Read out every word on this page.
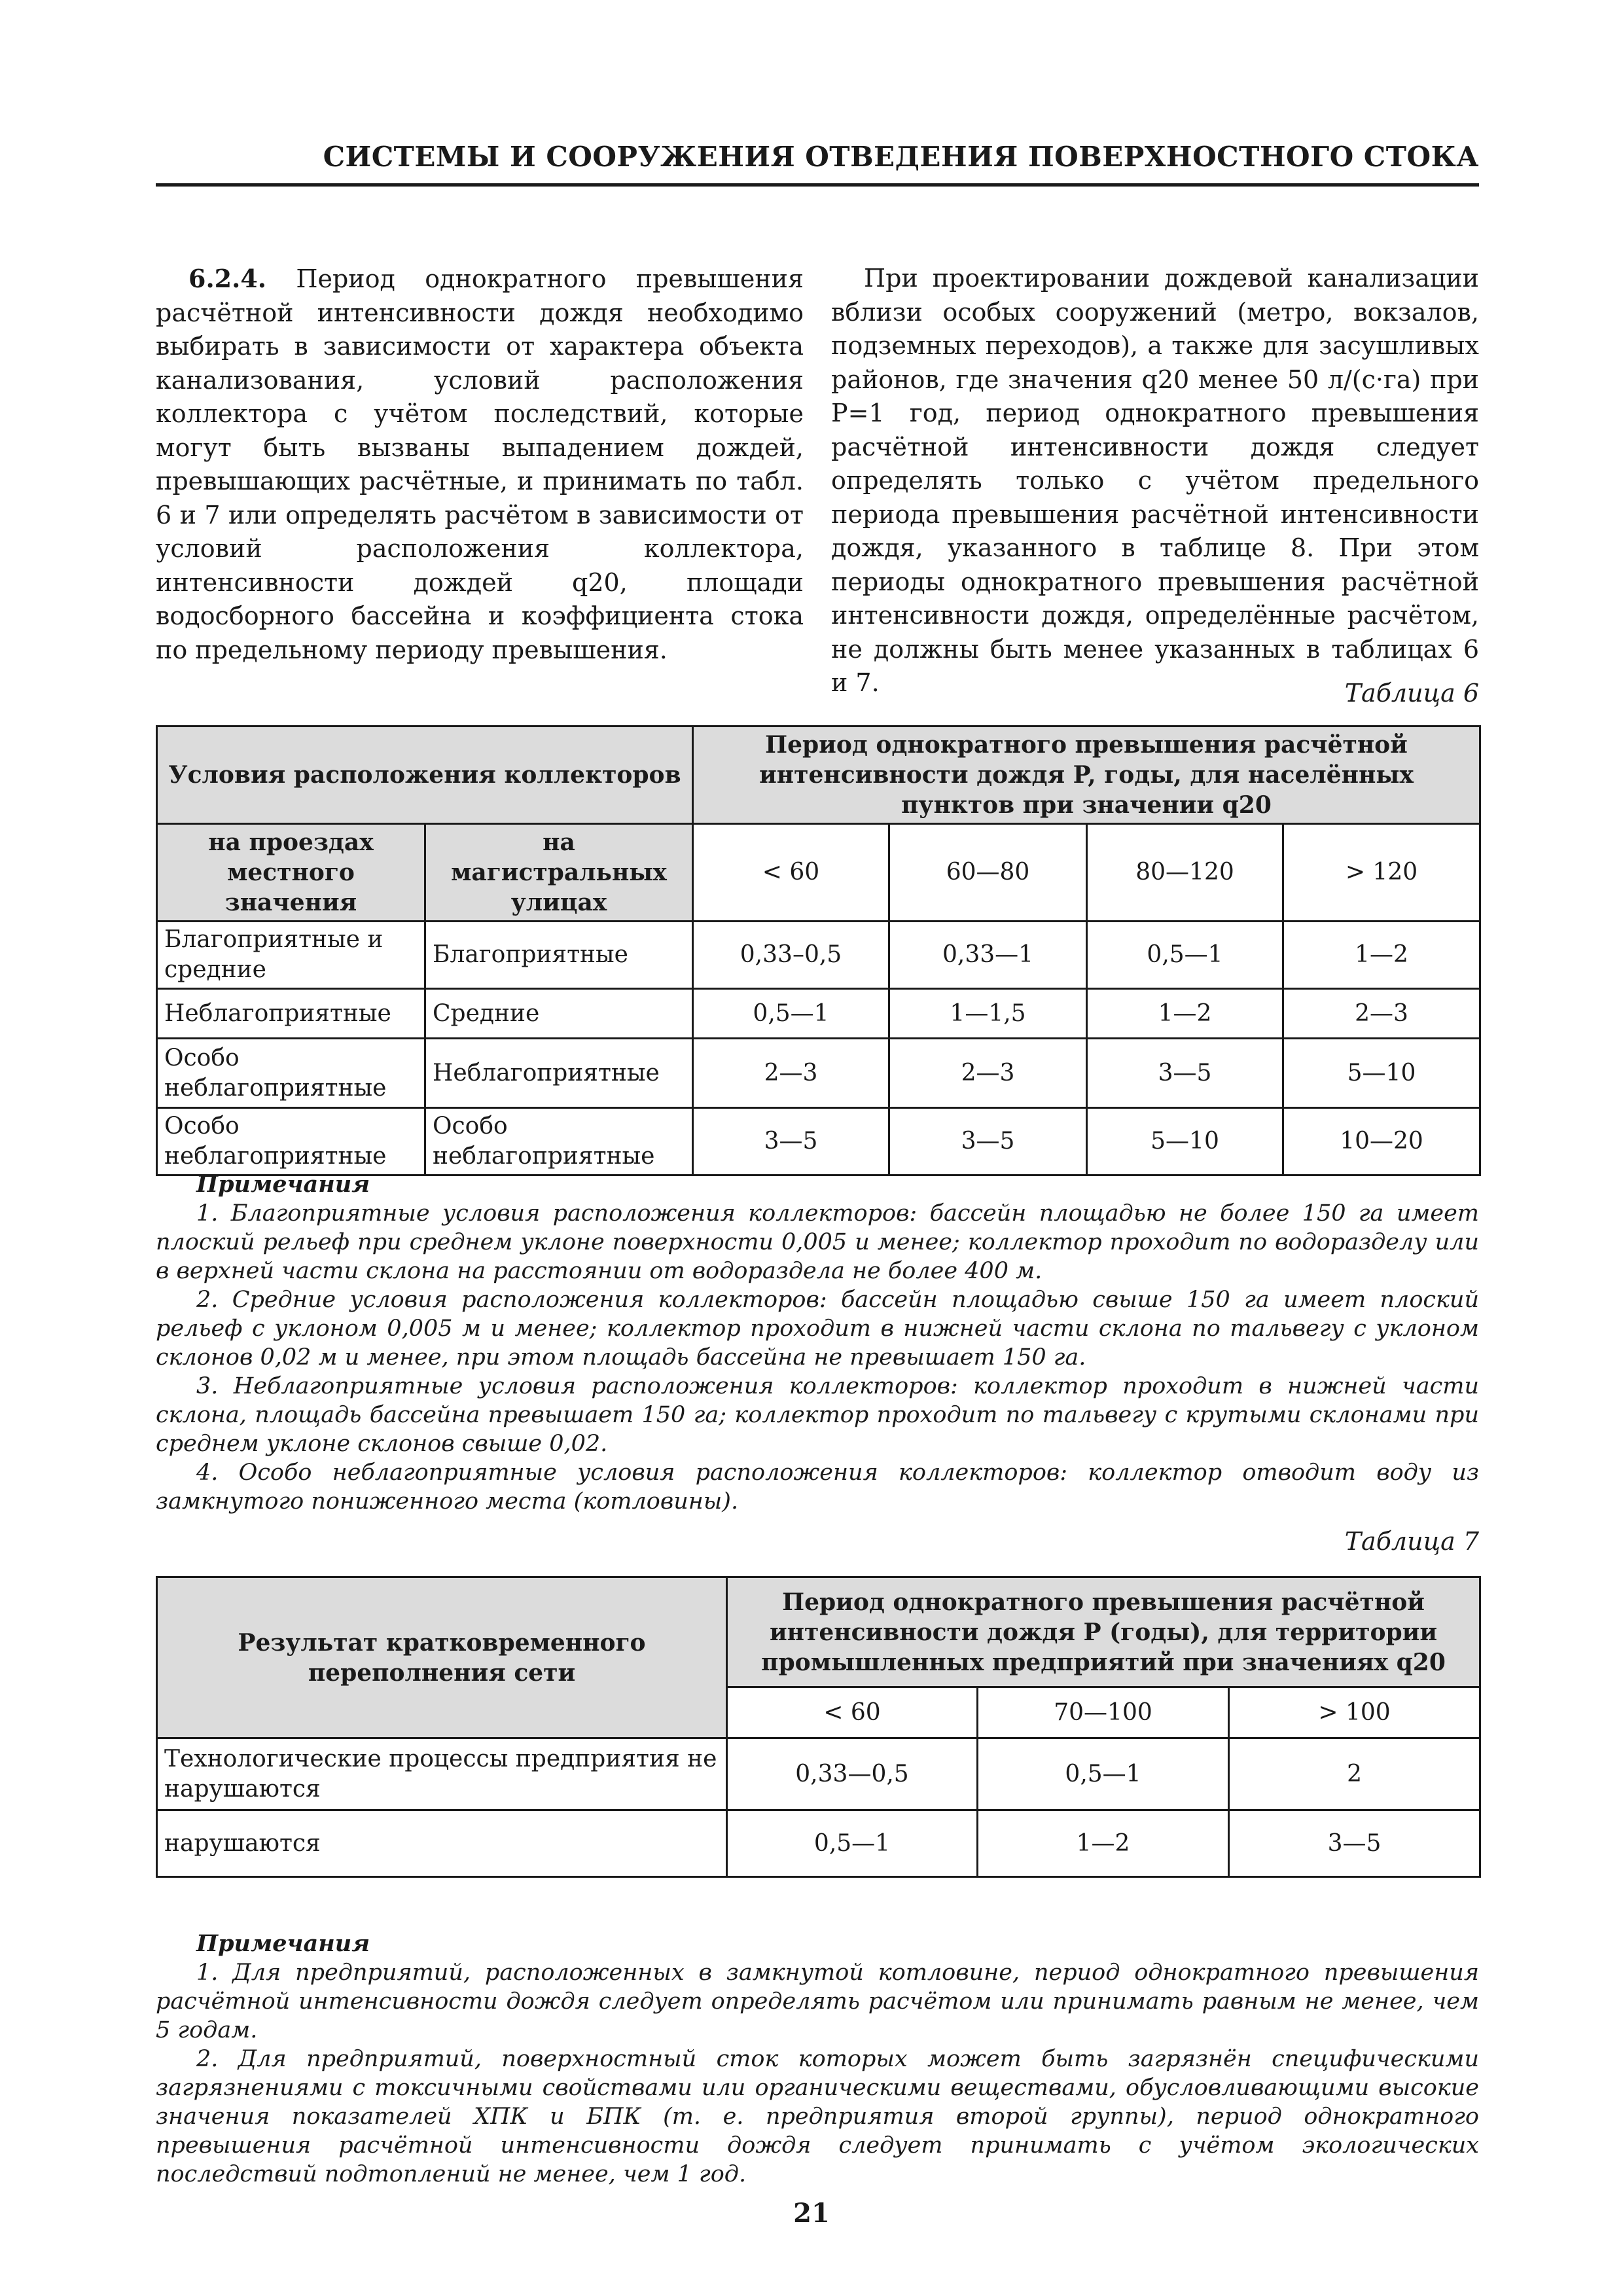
СИСТЕМЫ И СООРУЖЕНИЯ ОТВЕДЕНИЯ ПОВЕРХНОСТНОГО СТОКА

6.2.4. Период однократного превышения расчётной интенсивности дождя необходимо выбирать в зависимости от характера объекта канализования, условий расположения коллектора с учётом последствий, которые могут быть вызваны выпадением дождей, превышающих расчётные, и принимать по табл. 6 и 7 или определять расчётом в зависимости от условий расположения коллектора, интенсивности дождей q20, площади водосборного бассейна и коэффициента стока по предельному периоду превышения.

При проектировании дождевой канализации вблизи особых сооружений (метро, вокзалов, подземных переходов), а также для засушливых районов, где значения q20 менее 50 л/(с·га) при P=1 год, период однократного превышения расчётной интенсивности дождя следует определять только с учётом предельного периода превышения расчётной интенсивности дождя, указанного в таблице 8. При этом периоды однократного превышения расчётной интенсивности дождя, определённые расчётом, не должны быть менее указанных в таблицах 6 и 7.	Таблица 6
Условия расположения коллекторов		Период однократного превышения расчётной интенсивности дождя P, годы, для населённых пунктов при значении q20			
на проездах местного значения	на магистральных улицах	< 60	60—80	80—120	> 120
Благоприятные и средние	Благоприятные	0,33–0,5	0,33—1	0,5—1	1—2
Неблагоприятные	Средние	0,5—1	1—1,5	1—2	2—3
Особо неблагоприятные	Неблагоприятные	2—3	2—3	3—5	5—10
Особо неблагоприятные	Особо неблагоприятные	3—5	3—5	5—10	10—20
Примечания

1. Благоприятные условия расположения коллекторов: бассейн площадью не более 150 га имеет плоский рельеф при среднем уклоне поверхности 0,005 и менее; коллектор проходит по водоразделу или в верхней части склона на расстоянии от водораздела не более 400 м.

2. Средние условия расположения коллекторов: бассейн площадью свыше 150 га имеет плоский рельеф с уклоном 0,005 м и менее; коллектор проходит в нижней части склона по тальвегу с уклоном склонов 0,02 м и менее, при этом площадь бассейна не превышает 150 га.

3. Неблагоприятные условия расположения коллекторов: коллектор проходит в нижней части склона, площадь бассейна превышает 150 га; коллектор проходит по тальвегу с крутыми склонами при среднем уклоне склонов свыше 0,02.

4. Особо неблагоприятные условия расположения коллекторов: коллектор отводит воду из замкнутого пониженного места (котловины).

Таблица 7
Результат кратковременного переполнения сети	Период однократного превышения расчётной интенсивности дождя P (годы), для территории промышленных предприятий при значениях q20		
	< 60	70—100	> 100
Технологические процессы предприятия не нарушаются	0,33—0,5	0,5—1	2
нарушаются	0,5—1	1—2	3—5
Примечания

1. Для предприятий, расположенных в замкнутой котловине, период однократного превышения расчётной интенсивности дождя следует определять расчётом или принимать равным не менее, чем 5 годам.

2. Для предприятий, поверхностный сток которых может быть загрязнён специфическими загрязнениями с токсичными свойствами или органическими веществами, обусловливающими высокие значения показателей ХПК и БПК (т. е. предприятия второй группы), период однократного превышения расчётной интенсивности дождя следует принимать с учётом экологических последствий подтоплений не менее, чем 1 год.

21
